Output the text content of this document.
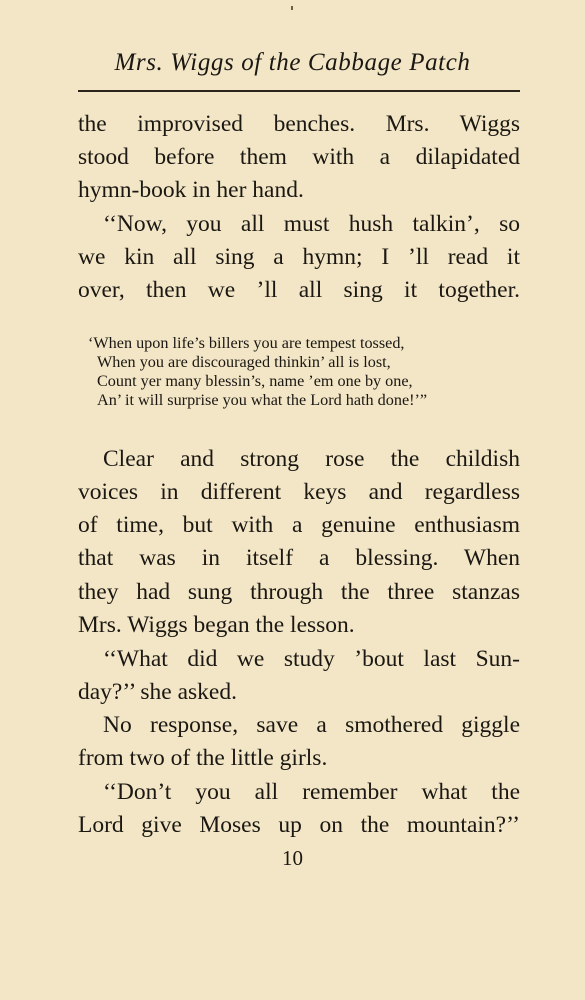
Mrs. Wiggs of the Cabbage Patch
the improvised benches. Mrs. Wiggs
stood before them with a dilapidated
hymn-book in her hand.
‘‘Now, you all must hush talkin’, so
we kin all sing a hymn; I ’ll read it
over, then we ’ll all sing it together.
‘When upon life’s billers you are tempest tossed,
When you are discouraged thinkin’ all is lost,
Count yer many blessin’s, name ’em one by one,
An’ it will surprise you what the Lord hath done!’”
Clear and strong rose the childish
voices in different keys and regardless
of time, but with a genuine enthusiasm
that was in itself a blessing. When
they had sung through the three stanzas
Mrs. Wiggs began the lesson.
‘‘What did we study ’bout last Sun-
day?’’ she asked.
No response, save a smothered giggle
from two of the little girls.
‘‘Don’t you all remember what the
Lord give Moses up on the mountain?’’
10
